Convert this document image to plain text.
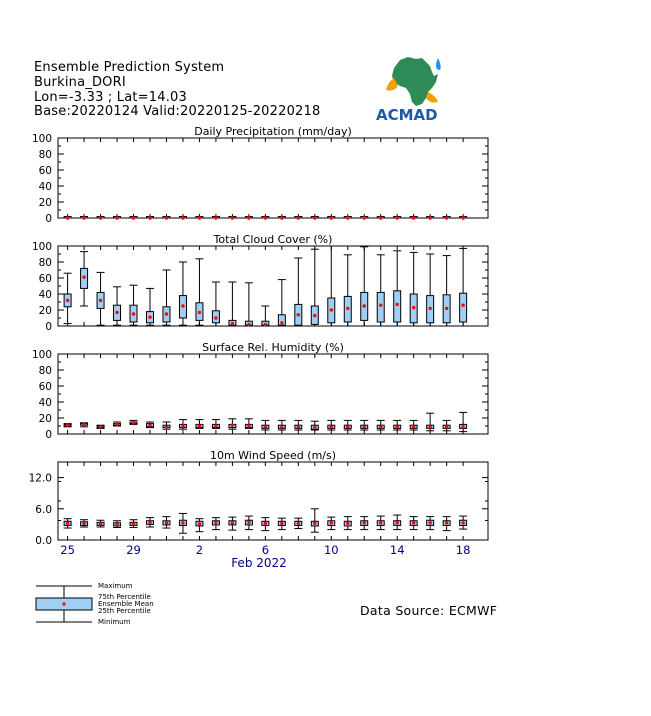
Ensemble Prediction System
Burkina_DORI
Lon=-3.33 ; Lat=14.03
Base:20220124 Valid:20220125-20220218	ACMAD
Daily Precipitation (mm/day)
0
20
40
60
80
100
Total Cloud Cover (%)
0
20
40
60
80
100
Surface Rel. Humidity (%)
0
20
40
60
80
100
10m Wind Speed (m/s)
0.0
6.0
12.0
25	29	2	6	10	14	18
Feb 2022
Maximum
75th Percentile
Ensemble Mean
25th Percentile
Minimum
Data Source: ECMWF
